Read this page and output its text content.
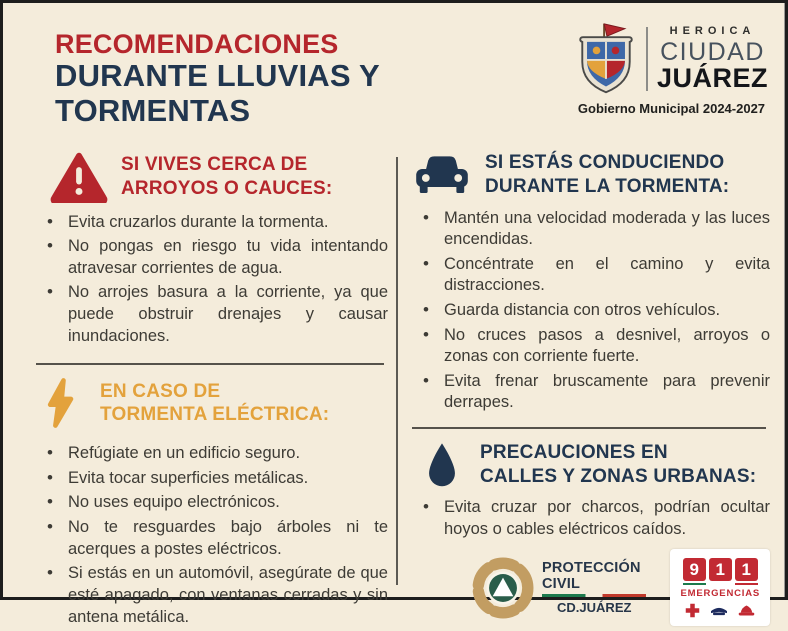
RECOMENDACIONES
DURANTE LLUVIAS Y TORMENTAS
HEROICA
CIUDAD
JUÁREZ
Gobierno Municipal 2024-2027
SI VIVES CERCA DE
ARROYOS O CAUCES:
• Evita cruzarlos durante la tormenta.
• No pongas en riesgo tu vida intentando atravesar corrientes de agua.
• No arrojes basura a la corriente, ya que puede obstruir drenajes y causar inundaciones.
EN CASO DE
TORMENTA ELÉCTRICA:
• Refúgiate en un edificio seguro.
• Evita tocar superficies metálicas.
• No uses equipo electrónicos.
• No te resguardes bajo árboles ni te acerques a postes eléctricos.
• Si estás en un automóvil, asegúrate de que esté apagado, con ventanas cerradas y sin antena metálica.
SI ESTÁS CONDUCIENDO
DURANTE LA TORMENTA:
• Mantén una velocidad moderada y las luces encendidas.
• Concéntrate en el camino y evita distracciones.
• Guarda distancia con otros vehículos.
• No cruces pasos a desnivel, arroyos o zonas con corriente fuerte.
• Evita frenar bruscamente para prevenir derrapes.
PRECAUCIONES EN
CALLES Y ZONAS URBANAS:
• Evita cruzar por charcos, podrían ocultar hoyos o cables eléctricos caídos.
PROTECCIÓN CIVIL
CD.JUÁREZ
9 1 1
EMERGENCIAS
